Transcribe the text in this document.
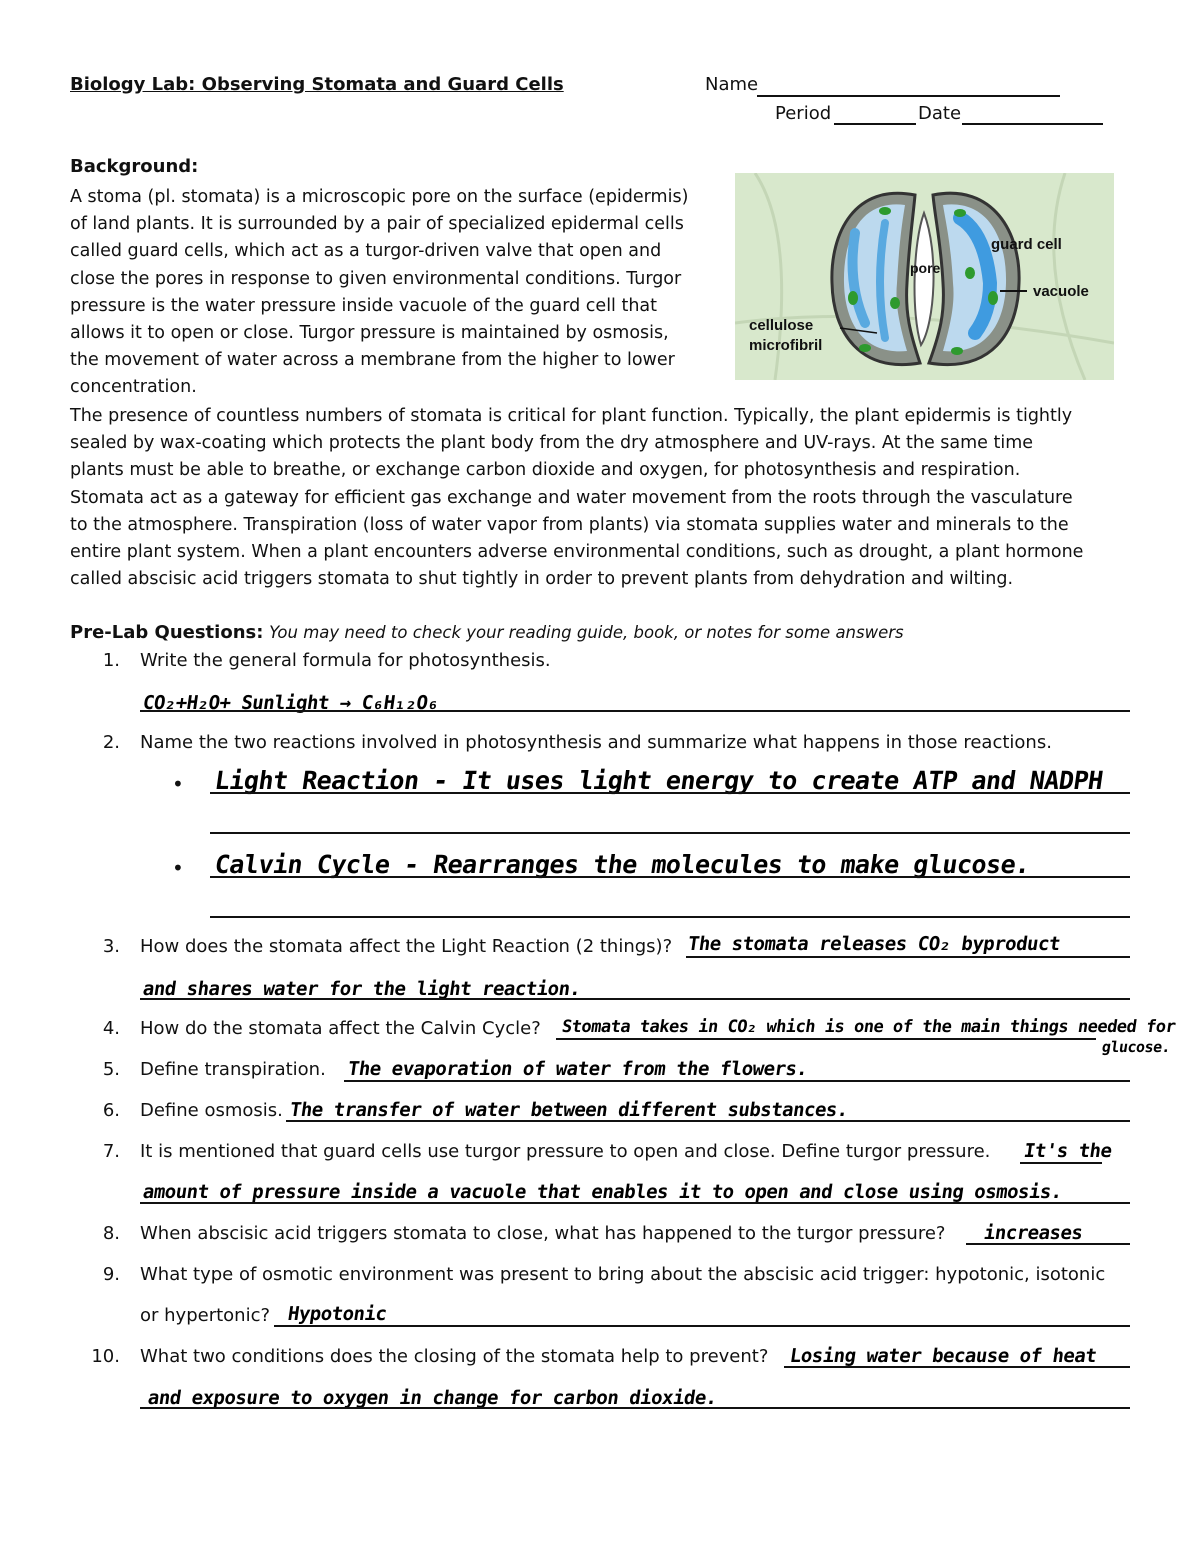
Biology Lab: Observing Stomata and Guard Cells	Name
Period	Date
Background:
A stoma (pl. stomata) is a microscopic pore on the surface (epidermis)
of land plants. It is surrounded by a pair of specialized epidermal cells
called guard cells, which act as a turgor-driven valve that open and
close the pores in response to given environmental conditions. Turgor
pressure is the water pressure inside vacuole of the guard cell that
allows it to open or close. Turgor pressure is maintained by osmosis,
the movement of water across a membrane from the higher to lower
concentration.
pore
guard cell
vacuole
cellulose
microfibril
The presence of countless numbers of stomata is critical for plant function. Typically, the plant epidermis is tightly
sealed by wax-coating which protects the plant body from the dry atmosphere and UV-rays. At the same time
plants must be able to breathe, or exchange carbon dioxide and oxygen, for photosynthesis and respiration.
Stomata act as a gateway for efficient gas exchange and water movement from the roots through the vasculature
to the atmosphere. Transpiration (loss of water vapor from plants) via stomata supplies water and minerals to the
entire plant system. When a plant encounters adverse environmental conditions, such as drought, a plant hormone
called abscisic acid triggers stomata to shut tightly in order to prevent plants from dehydration and wilting.
Pre-Lab Questions: You may need to check your reading guide, book, or notes for some answers
1. Write the general formula for photosynthesis.
CO₂+H₂O+ Sunlight → C₆H₁₂O₆
2. Name the two reactions involved in photosynthesis and summarize what happens in those reactions.
• Light Reaction - It uses light energy to create ATP and NADPH
• Calvin Cycle - Rearranges the molecules to make glucose.
3. How does the stomata affect the Light Reaction (2 things)? The stomata releases CO₂ byproduct
and shares water for the light reaction.
4. How do the stomata affect the Calvin Cycle? Stomata takes in CO₂ which is one of the main things needed for
glucose.
5. Define transpiration. The evaporation of water from the flowers.
6. Define osmosis. The transfer of water between different substances.
7. It is mentioned that guard cells use turgor pressure to open and close. Define turgor pressure. It's the
amount of pressure inside a vacuole that enables it to open and close using osmosis.
8. When abscisic acid triggers stomata to close, what has happened to the turgor pressure? increases
9. What type of osmotic environment was present to bring about the abscisic acid trigger: hypotonic, isotonic
or hypertonic? Hypotonic
10. What two conditions does the closing of the stomata help to prevent? Losing water because of heat
and exposure to oxygen in change for carbon dioxide.
